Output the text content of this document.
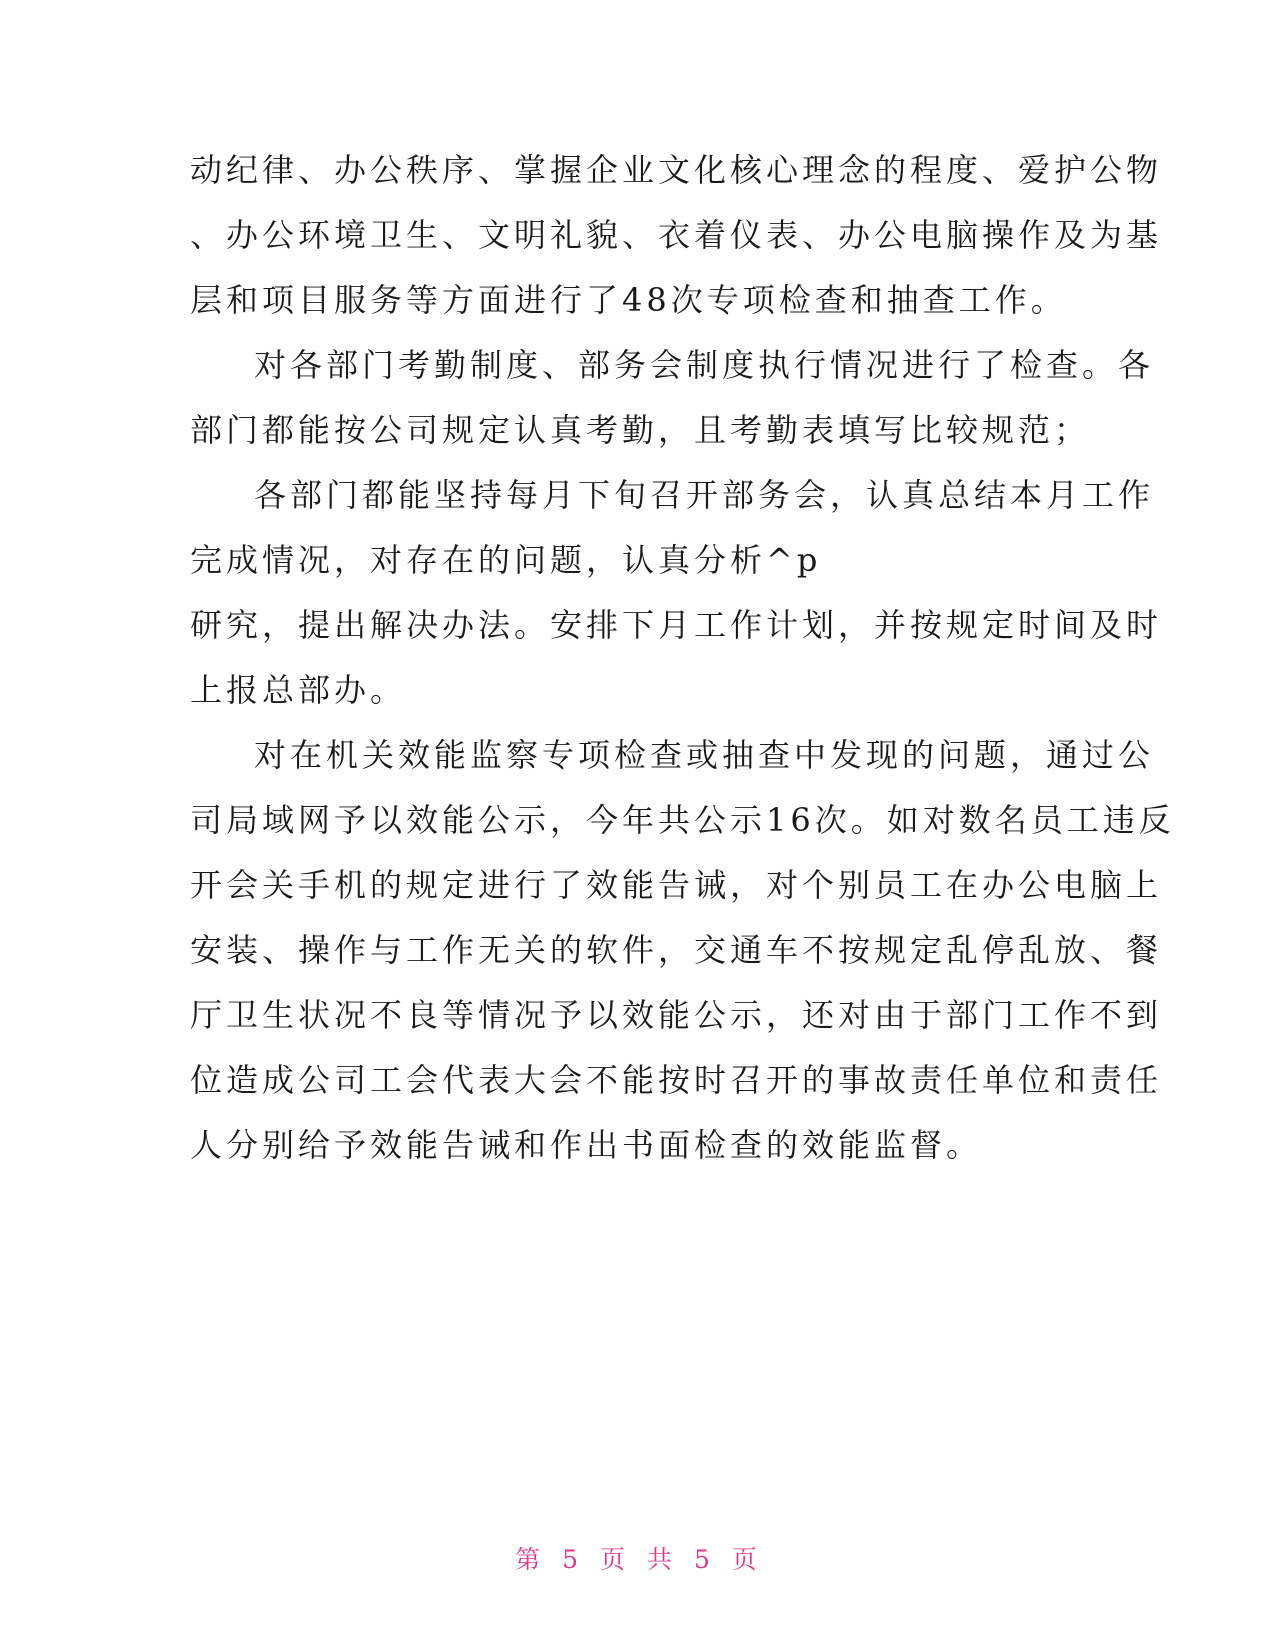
动纪律、办公秩序、掌握企业文化核心理念的程度、爱护公物
、办公环境卫生、文明礼貌、衣着仪表、办公电脑操作及为基
层和项目服务等方面进行了48次专项检查和抽查工作。
对各部门考勤制度、部务会制度执行情况进行了检查。各
部门都能按公司规定认真考勤，且考勤表填写比较规范；
各部门都能坚持每月下旬召开部务会，认真总结本月工作
完成情况，对存在的问题，认真分析^p
研究，提出解决办法。安排下月工作计划，并按规定时间及时
上报总部办。
对在机关效能监察专项检查或抽查中发现的问题，通过公
司局域网予以效能公示，今年共公示16次。如对数名员工违反
开会关手机的规定进行了效能告诫，对个别员工在办公电脑上
安装、操作与工作无关的软件，交通车不按规定乱停乱放、餐
厅卫生状况不良等情况予以效能公示，还对由于部门工作不到
位造成公司工会代表大会不能按时召开的事故责任单位和责任
人分别给予效能告诫和作出书面检查的效能监督。
第 5 页 共 5 页
